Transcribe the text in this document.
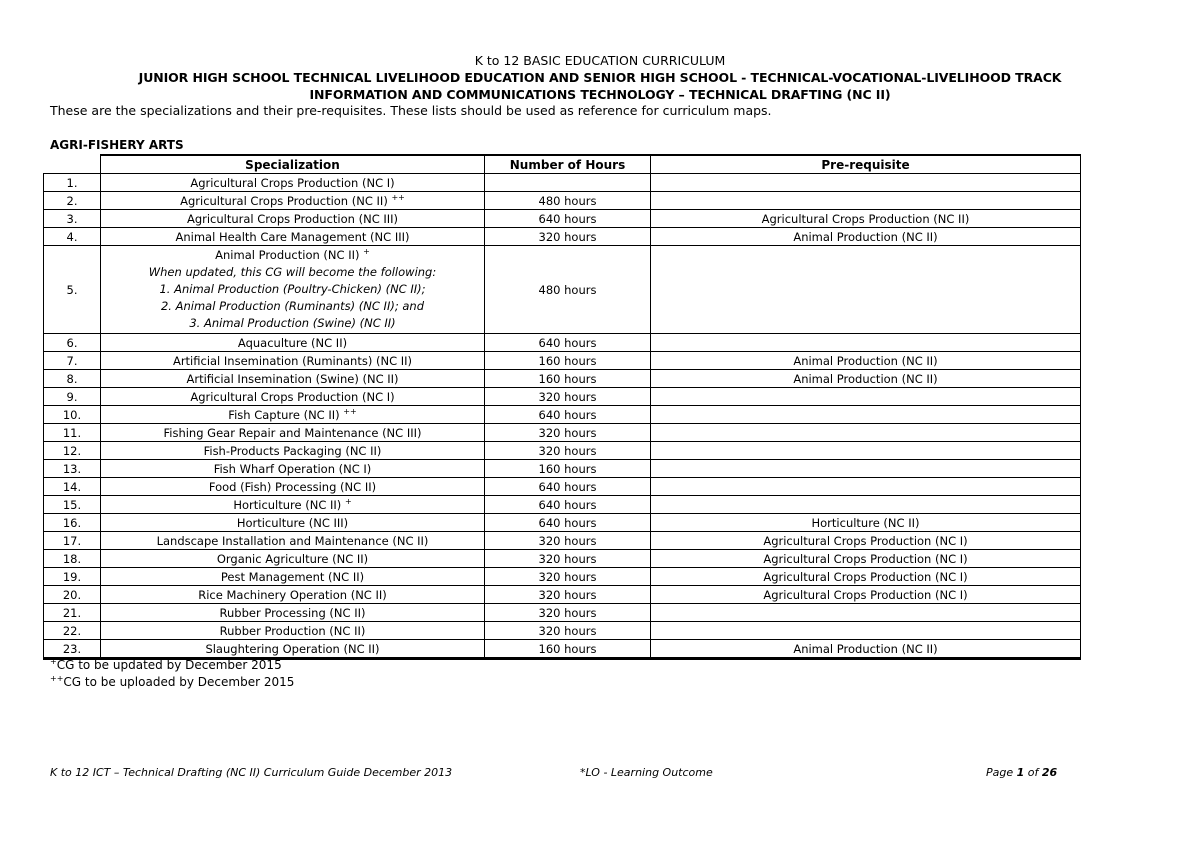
K to 12 BASIC EDUCATION CURRICULUM
JUNIOR HIGH SCHOOL TECHNICAL LIVELIHOOD EDUCATION AND SENIOR HIGH SCHOOL - TECHNICAL-VOCATIONAL-LIVELIHOOD TRACK
INFORMATION AND COMMUNICATIONS TECHNOLOGY – TECHNICAL DRAFTING (NC II)
These are the specializations and their pre-requisites. These lists should be used as reference for curriculum maps.
AGRI-FISHERY ARTS
	Specialization	Number of Hours	Pre-requisite
1.	Agricultural Crops Production (NC I)		

2.	Agricultural Crops Production (NC II) ++	480 hours	
3.	Agricultural Crops Production (NC III)	640 hours	Agricultural Crops Production (NC II)
4.	Animal Health Care Management (NC III)	320 hours	Animal Production (NC II)
5.	Animal Production (NC II) +
When updated, this CG will become the following:
1. Animal Production (Poultry-Chicken) (NC II);
2. Animal Production (Ruminants) (NC II); and
3. Animal Production (Swine) (NC II)	480 hours	
6.	Aquaculture (NC II)	640 hours	
7.	Artificial Insemination (Ruminants) (NC II)	160 hours	Animal Production (NC II)
8.	Artificial Insemination (Swine) (NC II)	160 hours	Animal Production (NC II)
9.	Agricultural Crops Production (NC I)	320 hours	
10.	Fish Capture (NC II) ++	640 hours	
11.	Fishing Gear Repair and Maintenance (NC III)	320 hours	
12.	Fish-Products Packaging (NC II)	320 hours	
13.	Fish Wharf Operation (NC I)	160 hours	
14.	Food (Fish) Processing (NC II)	640 hours	
15.	Horticulture (NC II) +	640 hours	
16.	Horticulture (NC III)	640 hours	Horticulture (NC II)
17.	Landscape Installation and Maintenance (NC II)	320 hours	Agricultural Crops Production (NC I)
18.	Organic Agriculture (NC II)	320 hours	Agricultural Crops Production (NC I)
19.	Pest Management (NC II)	320 hours	Agricultural Crops Production (NC I)
20.	Rice Machinery Operation (NC II)	320 hours	Agricultural Crops Production (NC I)
21.	Rubber Processing (NC II)	320 hours	
22.	Rubber Production (NC II)	320 hours	
23.	Slaughtering Operation (NC II)	160 hours	Animal Production (NC II)
+CG to be updated by December 2015
++CG to be uploaded by December 2015
K to 12 ICT – Technical Drafting (NC II) Curriculum Guide December 2013	*LO - Learning Outcome	Page 1 of 26
